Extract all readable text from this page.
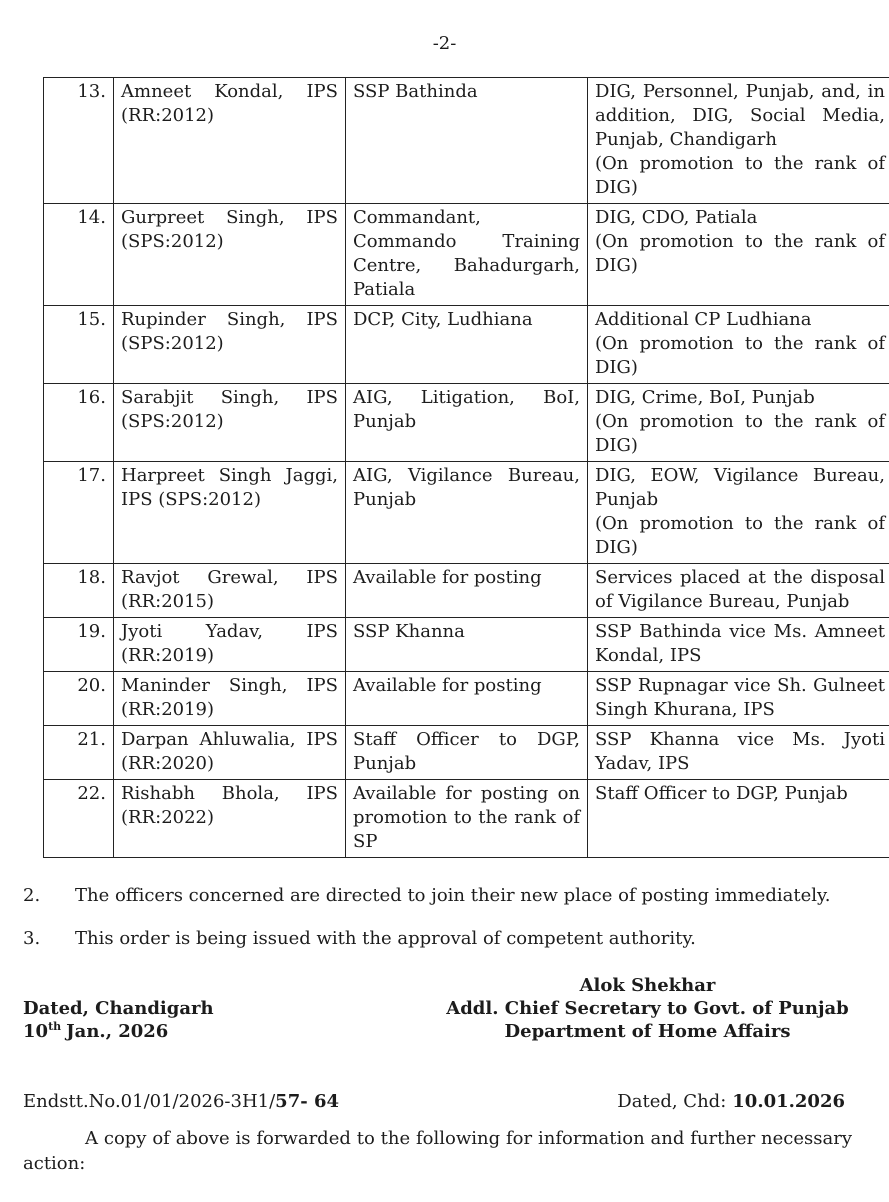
-2-
13.	Amneet Kondal, IPS (RR:2012)	SSP Bathinda	DIG, Personnel, Punjab, and, in addition, DIG, Social Media, Punjab, Chandigarh
(On promotion to the rank of DIG)

14.	Gurpreet Singh, IPS (SPS:2012)	Commandant, Commando Training Centre, Bahadurgarh, Patiala	DIG, CDO, Patiala
(On promotion to the rank of DIG)

15.	Rupinder Singh, IPS (SPS:2012)	DCP, City, Ludhiana	Additional CP Ludhiana
(On promotion to the rank of DIG)

16.	Sarabjit Singh, IPS (SPS:2012)	AIG, Litigation, BoI, Punjab	DIG, Crime, BoI, Punjab
(On promotion to the rank of DIG)

17.	Harpreet Singh Jaggi, IPS (SPS:2012)	AIG, Vigilance Bureau, Punjab	DIG, EOW, Vigilance Bureau, Punjab
(On promotion to the rank of DIG)

18.	Ravjot Grewal, IPS (RR:2015)	Available for posting	Services placed at the disposal of Vigilance Bureau, Punjab

19.	Jyoti Yadav, IPS (RR:2019)	SSP Khanna	SSP Bathinda vice Ms. Amneet Kondal, IPS

20.	Maninder Singh, IPS (RR:2019)	Available for posting	SSP Rupnagar vice Sh. Gulneet Singh Khurana, IPS

21.	Darpan Ahluwalia, IPS (RR:2020)	Staff Officer to DGP, Punjab	SSP Khanna vice Ms. Jyoti Yadav, IPS

22.	Rishabh Bhola, IPS (RR:2022)	Available for posting on promotion to the rank of SP	Staff Officer to DGP, Punjab
2. The officers concerned are directed to join their new place of posting immediately.
3. This order is being issued with the approval of competent authority.
Alok Shekhar
Addl. Chief Secretary to Govt. of Punjab
Department of Home Affairs
Dated, Chandigarh
10th Jan., 2026
Endstt.No.01/01/2026-3H1/57- 64	Dated, Chd: 10.01.2026
A copy of above is forwarded to the following for information and further necessary action:
